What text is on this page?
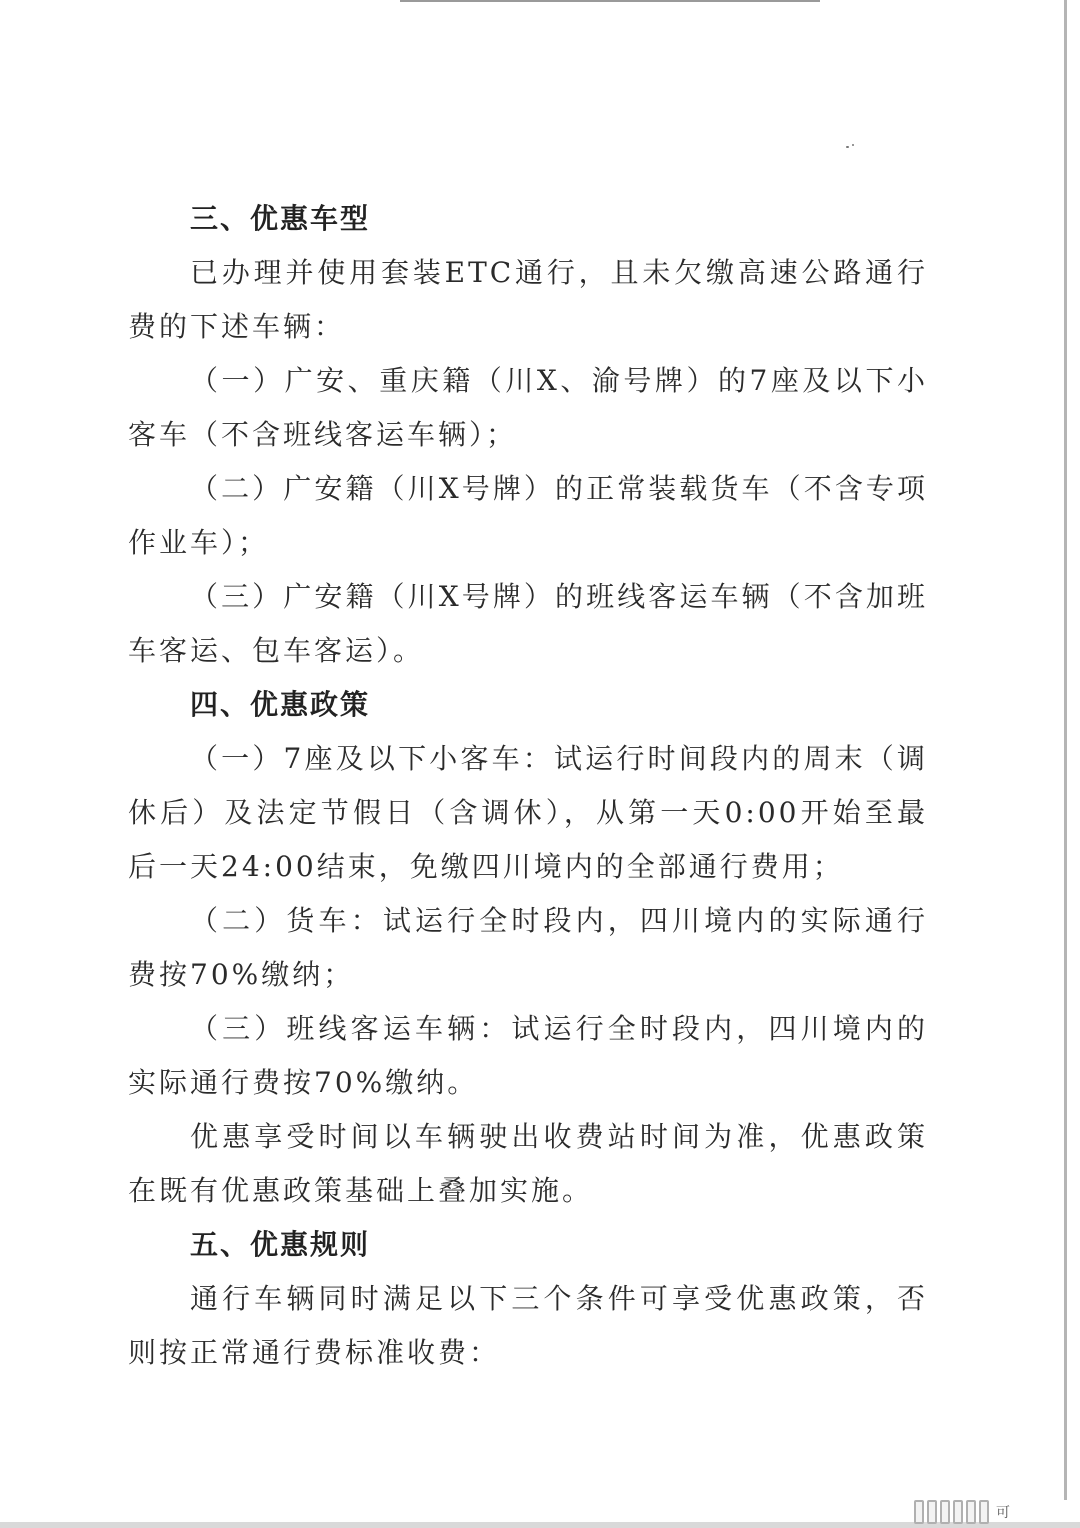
三、优惠车型

已办理并使用套装ETC通行，且未欠缴高速公路通行费的下述车辆：

（一）广安、重庆籍（川X、渝号牌）的7座及以下小客车（不含班线客运车辆）；

（二）广安籍（川X号牌）的正常装载货车（不含专项作业车）；

（三）广安籍（川X号牌）的班线客运车辆（不含加班车客运、包车客运）。

四、优惠政策

（一）7座及以下小客车：试运行时间段内的周末（调休后）及法定节假日（含调休），从第一天0:00开始至最后一天24:00结束，免缴四川境内的全部通行费用；

（二）货车：试运行全时段内，四川境内的实际通行费按70%缴纳；

（三）班线客运车辆：试运行全时段内，四川境内的实际通行费按70%缴纳。

优惠享受时间以车辆驶出收费站时间为准，优惠政策在既有优惠政策基础上叠加实施。

五、优惠规则

通行车辆同时满足以下三个条件可享受优惠政策，否则按正常通行费标准收费：

可
